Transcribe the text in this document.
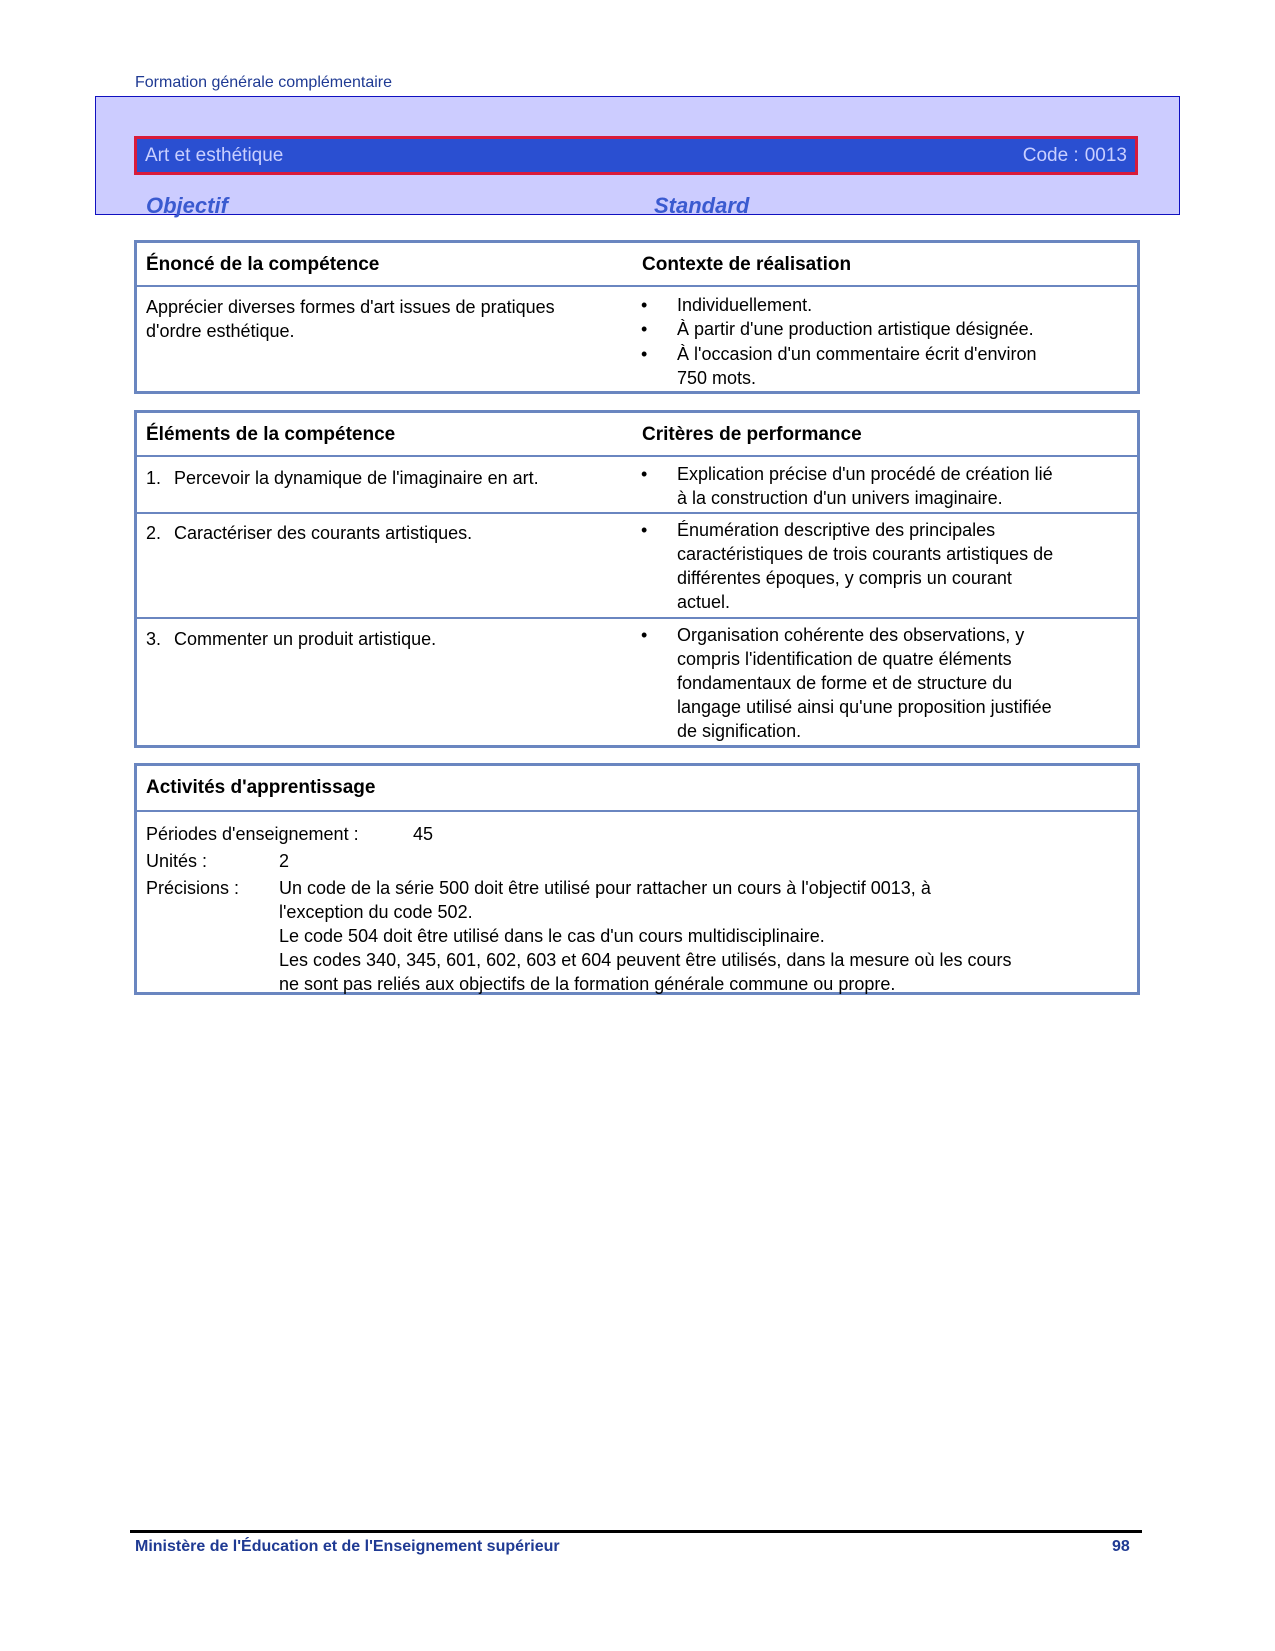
Formation générale complémentaire
Art et esthétique	Code : 0013
Objectif	Standard
Énoncé de la compétence	Contexte de réalisation
Apprécier diverses formes d'art issues de pratiques
d'ordre esthétique.
•	Individuellement.
•	À partir d'une production artistique désignée.
•	À l'occasion d'un commentaire écrit d'environ
750 mots.
Éléments de la compétence	Critères de performance
1. Percevoir la dynamique de l'imaginaire en art.	•	Explication précise d'un procédé de création lié
à la construction d'un univers imaginaire.
2. Caractériser des courants artistiques.	•	Énumération descriptive des principales
caractéristiques de trois courants artistiques de
différentes époques, y compris un courant
actuel.
3. Commenter un produit artistique.	•	Organisation cohérente des observations, y
compris l'identification de quatre éléments
fondamentaux de forme et de structure du
langage utilisé ainsi qu'une proposition justifiée
de signification.
Activités d'apprentissage
Périodes d'enseignement :	45
Unités :	2
Précisions : Un code de la série 500 doit être utilisé pour rattacher un cours à l'objectif 0013, à
l'exception du code 502.
Le code 504 doit être utilisé dans le cas d'un cours multidisciplinaire.
Les codes 340, 345, 601, 602, 603 et 604 peuvent être utilisés, dans la mesure où les cours
ne sont pas reliés aux objectifs de la formation générale commune ou propre.
Ministère de l'Éducation et de l'Enseignement supérieur	98
